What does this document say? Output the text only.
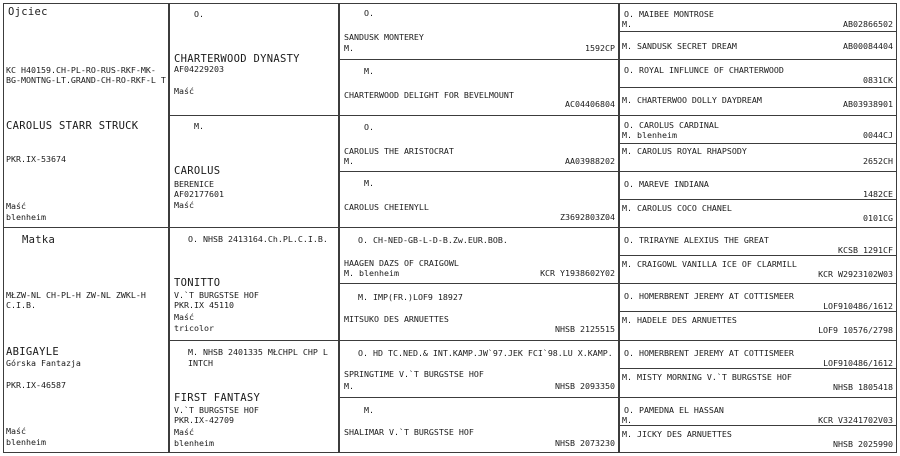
Ojciec
KC H40159.CH-PL-RO-RUS-RKF-MK-BG-MONTNG-LT.GRAND-CH-RO-RKF-L T
CAROLUS STARR STRUCK
PKR.IX-53674
Maść
blenheim
O.
CHARTERWOOD DYNASTY
AF04229203
Maść
M.
CAROLUS
BERENICE
AF02177601
Maść
O.
SANDUSK MONTEREY
M.	1592CP
M.
CHARTERWOOD DELIGHT FOR BEVELMOUNT
AC04406804
O.
CAROLUS THE ARISTOCRAT
M.	AA03988202
M.
CAROLUS CHEIENYLL
Z3692803Z04
O. MAIBEE MONTROSE
M.	AB02866502
M. SANDUSK SECRET DREAM	AB00084404
O. ROYAL INFLUNCE OF CHARTERWOOD
0831CK
M. CHARTERWOO DOLLY DAYDREAM	AB03938901
O. CAROLUS CARDINAL
M. blenheim	0044CJ
M. CAROLUS ROYAL RHAPSODY
2652CH
O. MAREVE INDIANA
1482CE
M. CAROLUS COCO CHANEL
0101CG
Matka
MŁZW-NL CH-PL-H ZW-NL ZWKL-H C.I.B.
ABIGAYLE
Górska Fantazja
PKR.IX-46587
Maść
blenheim
O. NHSB 2413164.Ch.PL.C.I.B.
TONITTO
V.`T BURGSTSE HOF
PKR.IX 45110
Maść
tricolor
M. NHSB 2401335 MŁCHPL CHP L INTCH
FIRST FANTASY
V.`T BURGSTSE HOF
PKR.IX-42709
Maść
blenheim
O. CH-NED-GB-L-D-B.Zw.EUR.BOB.
HAAGEN DAZS OF CRAIGOWL
M. blenheim	KCR Y1938602Y02
M. IMP(FR.)LOF9 18927
MITSUKO DES ARNUETTES
NHSB 2125515
O. HD TC.NED.& INT.KAMP.JW`97.JEK FCI`98.LU X.KAMP.
SPRINGTIME V.`T BURGSTSE HOF
M.	NHSB 2093350
M.
SHALIMAR V.`T BURGSTSE HOF
NHSB 2073230
O. TRIRAYNE ALEXIUS THE GREAT
KCSB 1291CF
M. CRAIGOWL VANILLA ICE OF CLARMILL
KCR W2923102W03
O. HOMERBRENT JEREMY AT COTTISMEER
LOF910486/1612
M. HADELE DES ARNUETTES
LOF9 10576/2798
O. HOMERBRENT JEREMY AT COTTISMEER
LOF910486/1612
M. MISTY MORNING V.`T BURGSTSE HOF
NHSB 1805418
O. PAMEDNA EL HASSAN
M.	KCR V3241702V03
M. JICKY DES ARNUETTES
NHSB 2025990
